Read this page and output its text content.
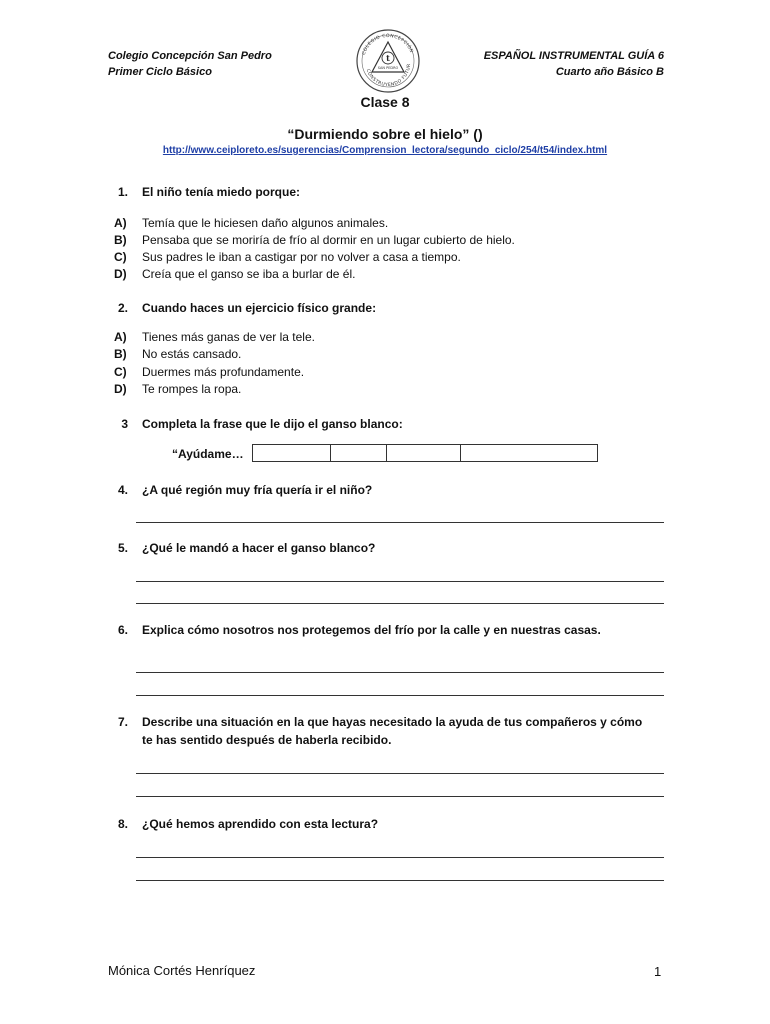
Colegio Concepción San Pedro
Primer Ciclo Básico
COLEGIO CONCEPCIÓN
CONSTRUYENDO FUTUR
t
SAN PEDRO
ESPAÑOL INSTRUMENTAL GUÍA 6
Cuarto año Básico B
Clase 8
“Durmiendo sobre el hielo” ()
http://www.ceiploreto.es/sugerencias/Comprension_lectora/segundo_ciclo/254/t54/index.html
1. El niño tenía miedo porque:
A) Temía que le hiciesen daño algunos animales.
B) Pensaba que se moriría de frío al dormir en un lugar cubierto de hielo.
C) Sus padres le iban a castigar por no volver a casa a tiempo.
D) Creía que el ganso se iba a burlar de él.
2. Cuando haces un ejercicio físico grande:
A) Tienes más ganas de ver la tele.
B) No estás cansado.
C) Duermes más profundamente.
D) Te rompes la ropa.
3 Completa la frase que le dijo el ganso blanco:
“Ayúdame…
4. ¿A qué región muy fría quería ir el niño?
5. ¿Qué le mandó a hacer el ganso blanco?
6. Explica cómo nosotros nos protegemos del frío por la calle y en nuestras casas.
7. Describe una situación en la que hayas necesitado la ayuda de tus compañeros y cómo
te has sentido después de haberla recibido.
8. ¿Qué hemos aprendido con esta lectura?
Mónica Cortés Henríquez	1
